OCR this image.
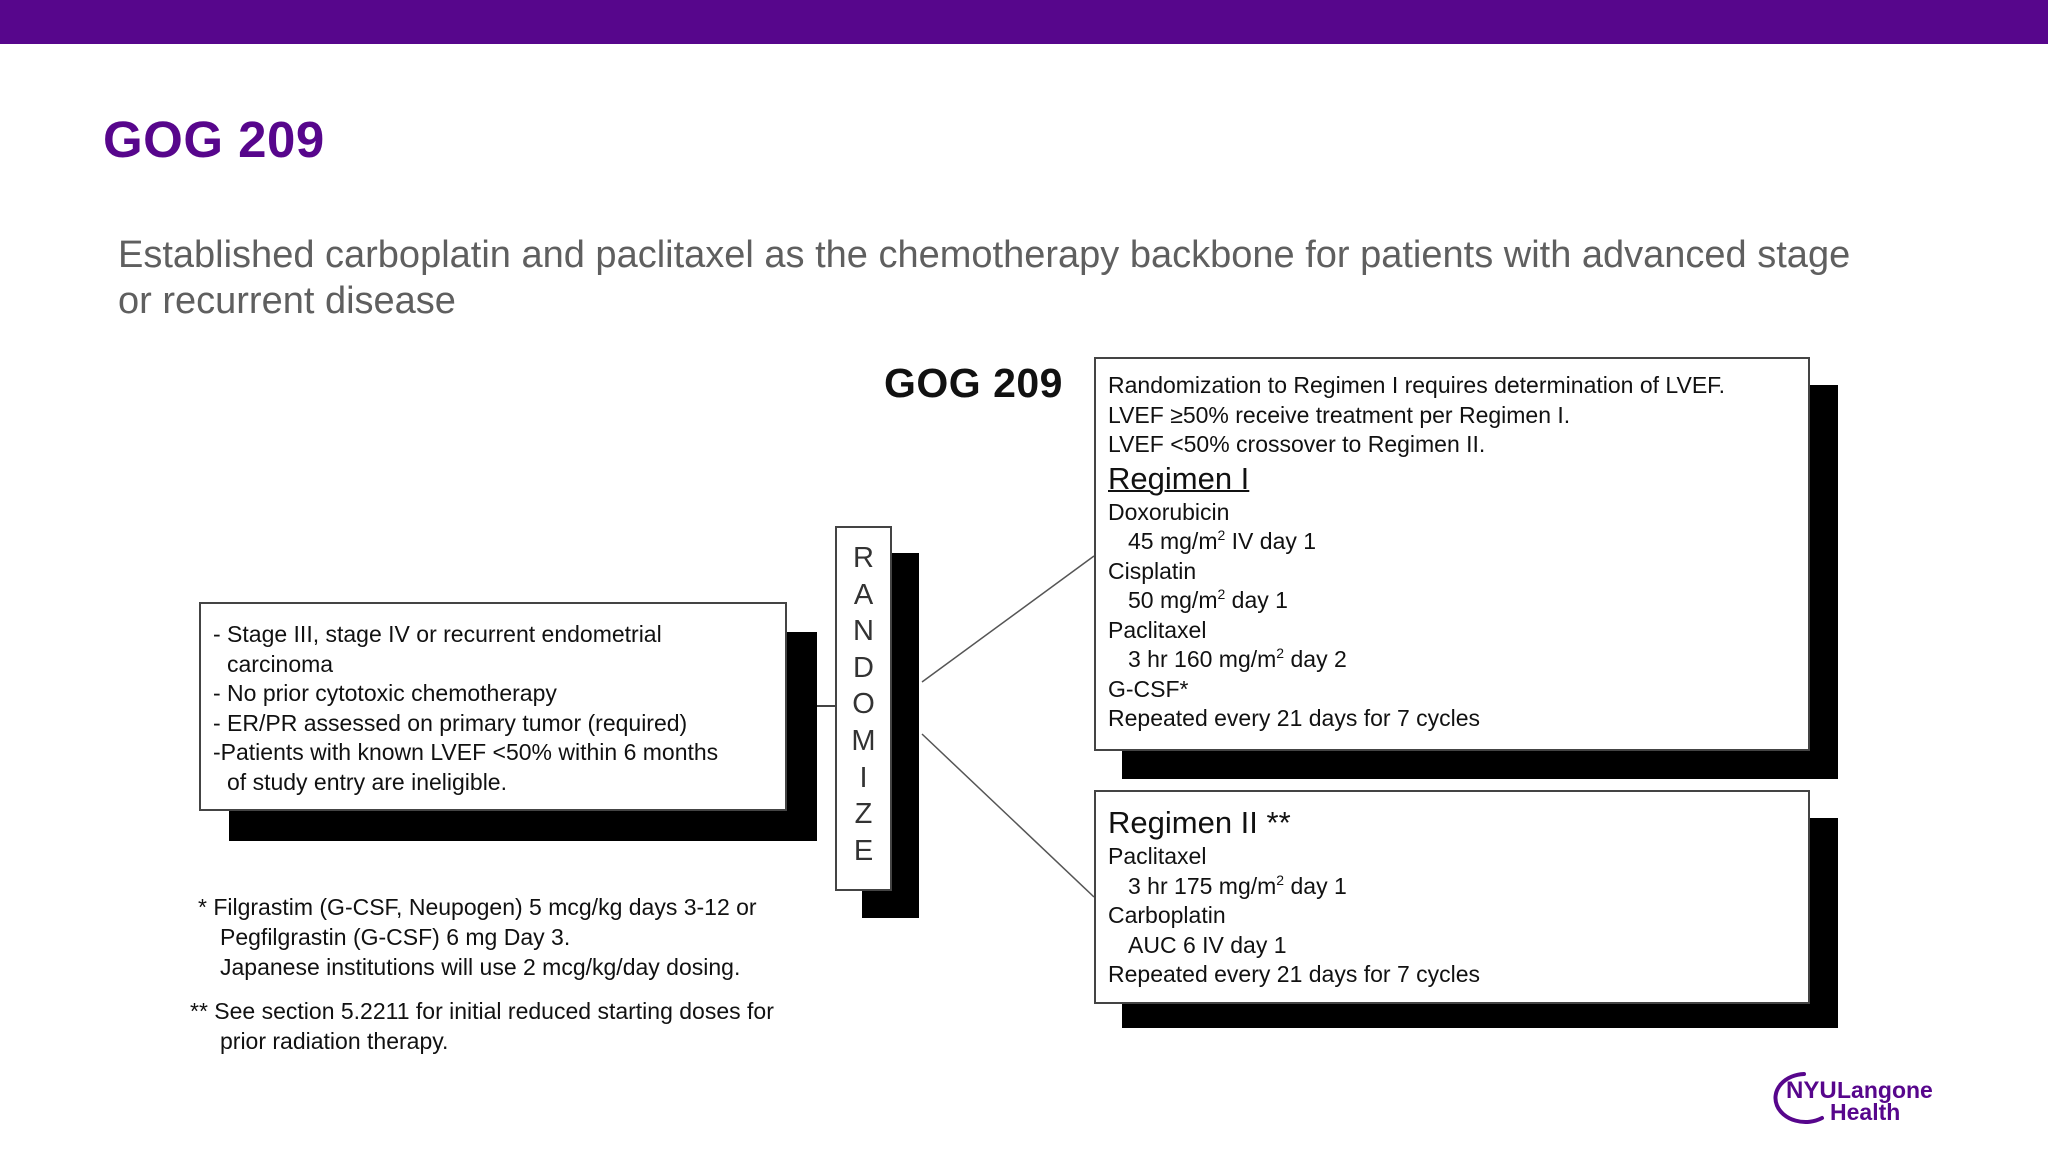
GOG 209

Established carboplatin and paclitaxel as the chemotherapy backbone for patients with advanced stage or recurrent disease

GOG 209
- Stage III, stage IV or recurrent endometrial
carcinoma
- No prior cytotoxic chemotherapy
- ER/PR assessed on primary tumor (required)
-Patients with known LVEF <50% within 6 months
of study entry are ineligible.
R
A
N
D
O
M
I
Z
E
Randomization to Regimen I requires determination of LVEF.
LVEF ≥50% receive treatment per Regimen I.
LVEF <50% crossover to Regimen II.
Regimen I
Doxorubicin
45 $mg/m^2$ IV day 1
Cisplatin
50 $mg/m^2$ day 1
Paclitaxel
3 hr 160 $mg/m^2$ day 2
G-CSF*
Repeated every 21 days for 7 cycles
Regimen II **
Paclitaxel
3 hr 175 $mg/m^2$ day 1
Carboplatin
AUC 6 IV day 1
Repeated every 21 days for 7 cycles
* Filgrastim (G-CSF, Neupogen) 5 mcg/kg days 3-12 or
Pegfilgrastin (G-CSF) 6 mg Day 3.
Japanese institutions will use 2 mcg/kg/day dosing.
** See section 5.2211 for initial reduced starting doses for
prior radiation therapy.
NYU Langone
Health
